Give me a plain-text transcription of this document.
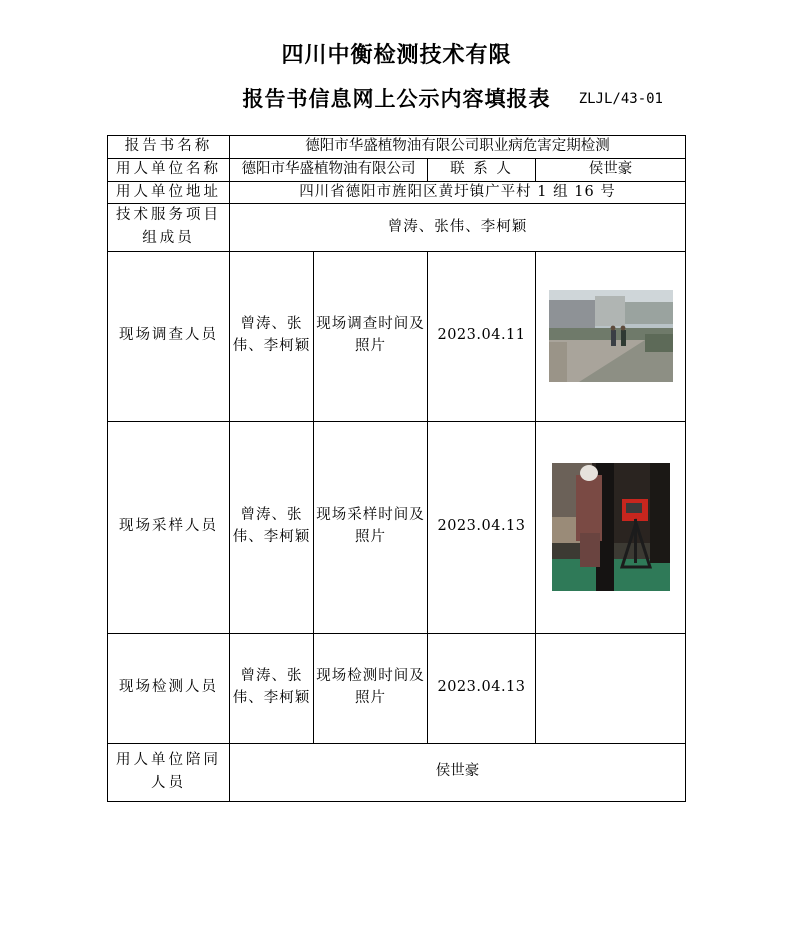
四川中衡检测技术有限
报告书信息网上公示内容填报表 ZLJL/43-01
报告书名称	德阳市华盛植物油有限公司职业病危害定期检测			
用人单位名称	德阳市华盛植物油有限公司		联 系 人	侯世豪
用人单位地址	四川省德阳市旌阳区黄圩镇广平村 1 组 16 号			
技术服务项目组成员	曾涛、张伟、李柯颖			
现场调查人员	曾涛、张伟、李柯颖	现场调查时间及照片	2023.04.11	

现场采样人员	曾涛、张伟、李柯颖	现场采样时间及照片	2023.04.13	

现场检测人员	曾涛、张伟、李柯颖	现场检测时间及照片	2023.04.13	

用人单位陪同人员	侯世豪			
